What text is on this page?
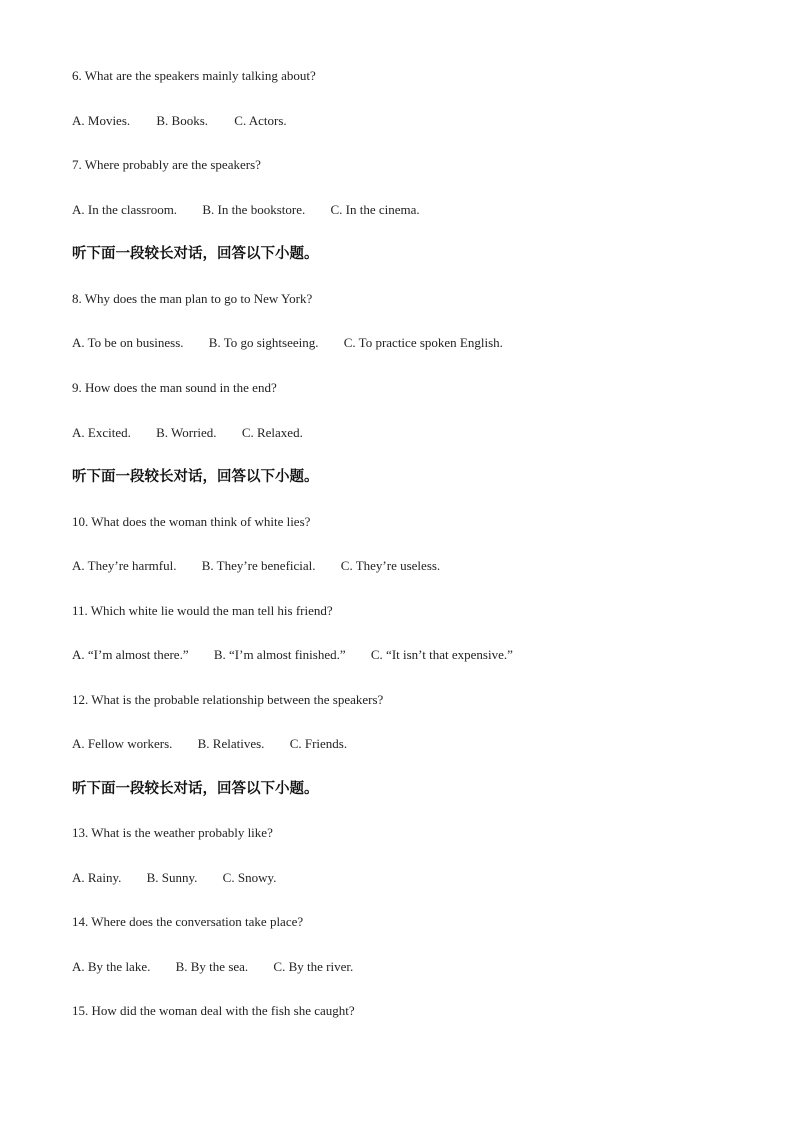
6. What are the speakers mainly talking about?
A. Movies. B. Books. C. Actors.
7. Where probably are the speakers?
A. In the classroom. B. In the bookstore. C. In the cinema.
听下面一段较长对话，回答以下小题。
8. Why does the man plan to go to New York?
A. To be on business. B. To go sightseeing. C. To practice spoken English.
9. How does the man sound in the end?
A. Excited. B. Worried. C. Relaxed.
听下面一段较长对话，回答以下小题。
10. What does the woman think of white lies?
A. They’re harmful. B. They’re beneficial. C. They’re useless.
11. Which white lie would the man tell his friend?
A. “I’m almost there.” B. “I’m almost finished.” C. “It isn’t that expensive.”
12. What is the probable relationship between the speakers?
A. Fellow workers. B. Relatives. C. Friends.
听下面一段较长对话，回答以下小题。
13. What is the weather probably like?
A. Rainy. B. Sunny. C. Snowy.
14. Where does the conversation take place?
A. By the lake. B. By the sea. C. By the river.
15. How did the woman deal with the fish she caught?
